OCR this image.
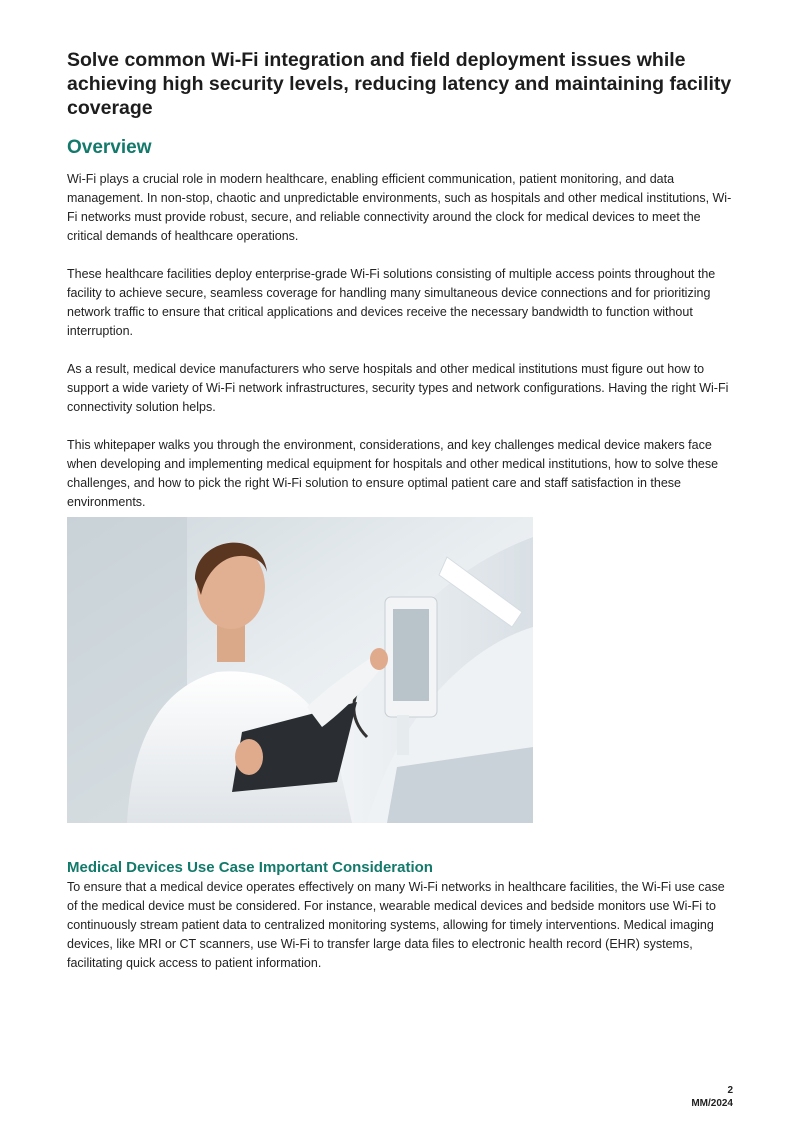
Solve common Wi-Fi integration and field deployment issues while achieving high security levels, reducing latency and maintaining facility coverage
Overview

Wi-Fi plays a crucial role in modern healthcare, enabling efficient communication, patient monitoring, and data management. In non-stop, chaotic and unpredictable environments, such as hospitals and other medical institutions, Wi-Fi networks must provide robust, secure, and reliable connectivity around the clock for medical devices to meet the critical demands of healthcare operations.

These healthcare facilities deploy enterprise-grade Wi-Fi solutions consisting of multiple access points throughout the facility to achieve secure, seamless coverage for handling many simultaneous device connections and for prioritizing network traffic to ensure that critical applications and devices receive the necessary bandwidth to function without interruption.

As a result, medical device manufacturers who serve hospitals and other medical institutions must figure out how to support a wide variety of Wi-Fi network infrastructures, security types and network configurations. Having the right Wi-Fi connectivity solution helps.

This whitepaper walks you through the environment, considerations, and key challenges medical device makers face when developing and implementing medical equipment for hospitals and other medical institutions, how to solve these challenges, and how to pick the right Wi-Fi solution to ensure optimal patient care and staff satisfaction in these environments.

Medical Devices Use Case Important Consideration

To ensure that a medical device operates effectively on many Wi-Fi networks in healthcare facilities, the Wi-Fi use case of the medical device must be considered. For instance, wearable medical devices and bedside monitors use Wi-Fi to continuously stream patient data to centralized monitoring systems, allowing for timely interventions. Medical imaging devices, like MRI or CT scanners, use Wi-Fi to transfer large data files to electronic health record (EHR) systems, facilitating quick access to patient information.

2
MM/2024
